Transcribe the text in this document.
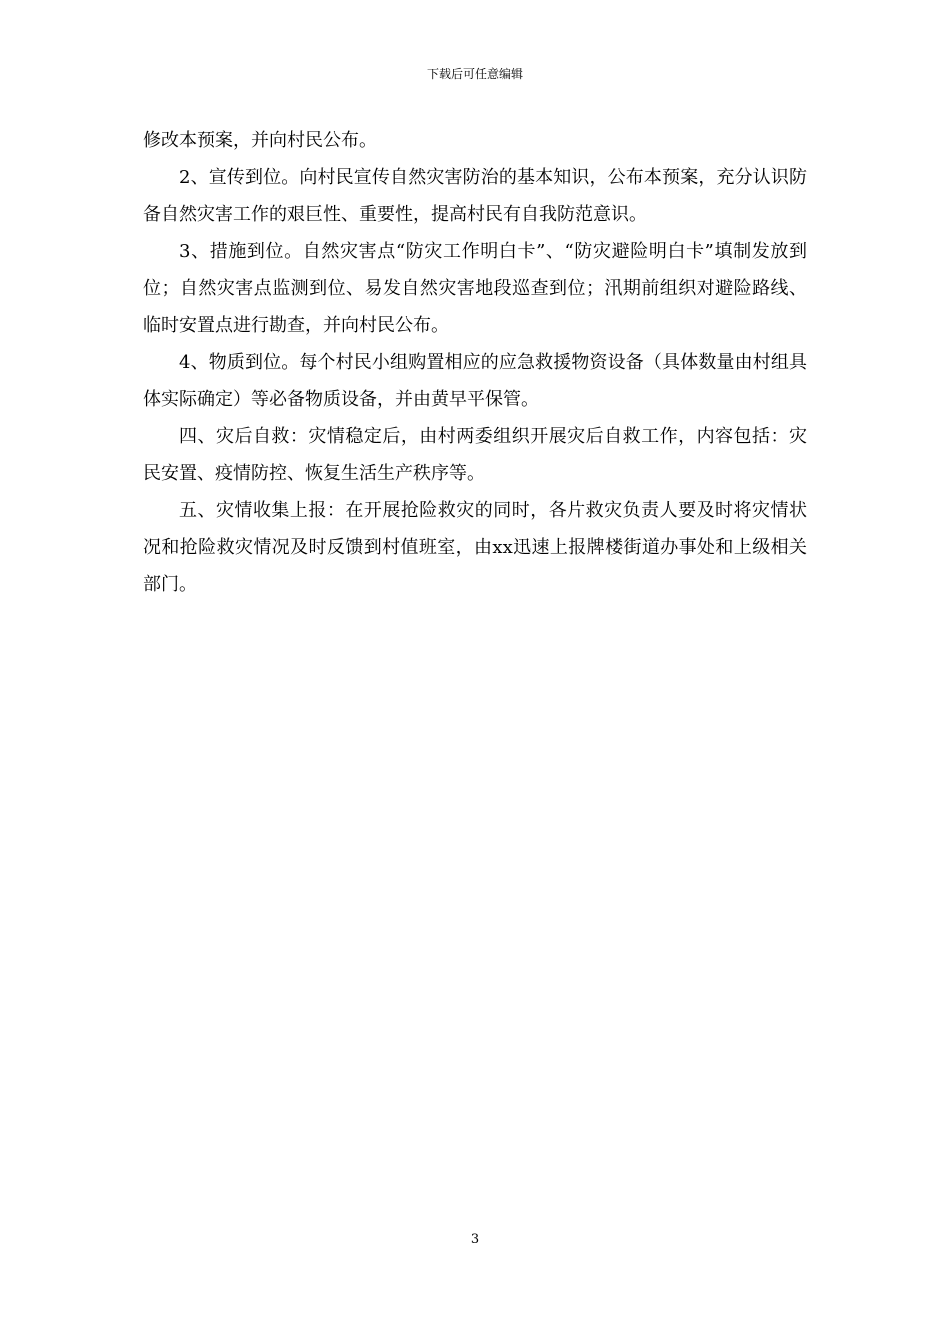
下载后可任意编辑

修改本预案，并向村民公布。

2、宣传到位。向村民宣传自然灾害防治的基本知识，公布本预案，充分认识防备自然灾害工作的艰巨性、重要性，提高村民有自我防范意识。

3、措施到位。自然灾害点“防灾工作明白卡”、“防灾避险明白卡”填制发放到位；自然灾害点监测到位、易发自然灾害地段巡查到位；汛期前组织对避险路线、临时安置点进行勘查，并向村民公布。

4、物质到位。每个村民小组购置相应的应急救援物资设备（具体数量由村组具体实际确定）等必备物质设备，并由黄早平保管。

四、灾后自救：灾情稳定后，由村两委组织开展灾后自救工作，内容包括：灾民安置、疫情防控、恢复生活生产秩序等。

五、灾情收集上报：在开展抢险救灾的同时，各片救灾负责人要及时将灾情状况和抢险救灾情况及时反馈到村值班室，由xx迅速上报牌楼街道办事处和上级相关部门。

3
